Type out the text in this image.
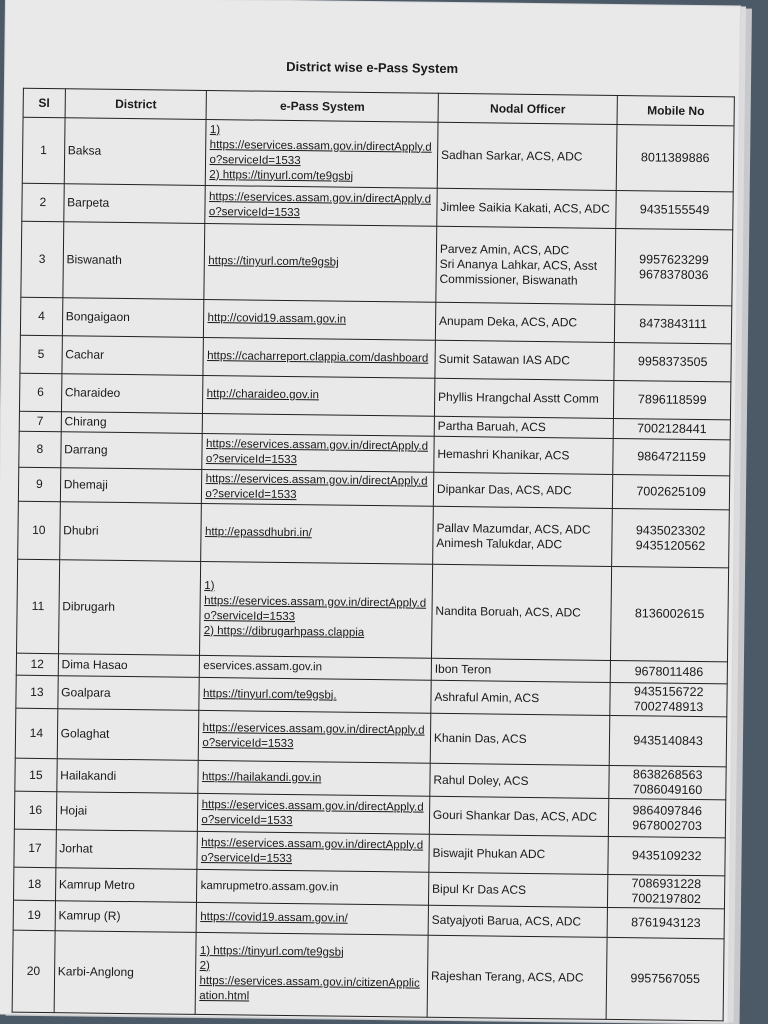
District wise e-Pass System
Sl	District	e-Pass System	Nodal Officer	Mobile No
1	Baksa	1)
https://eservices.assam.gov.in/directApply.do?serviceId=1533
2) https://tinyurl.com/te9gsbj	Sadhan Sarkar, ACS, ADC	8011389886

2	Barpeta	https://eservices.assam.gov.in/directApply.do?serviceId=1533	Jimlee Saikia Kakati, ACS, ADC	9435155549

3	Biswanath	https://tinyurl.com/te9gsbj	Parvez Amin, ACS, ADC
Sri Ananya Lahkar, ACS, Asst Commissioner, Biswanath	9957623299
9678378036

4	Bongaigaon	http://covid19.assam.gov.in	Anupam Deka, ACS, ADC	8473843111

5	Cachar	https://cacharreport.clappia.com/dashboard	Sumit Satawan IAS ADC	9958373505

6	Charaideo	http://charaideo.gov.in	Phyllis Hrangchal Asstt Comm	7896118599

7	Chirang		Partha Baruah, ACS	7002128441

8	Darrang	https://eservices.assam.gov.in/directApply.do?serviceId=1533	Hemashri Khanikar, ACS	9864721159

9	Dhemaji	https://eservices.assam.gov.in/directApply.do?serviceId=1533	Dipankar Das, ACS, ADC	7002625109

10	Dhubri	http://epassdhubri.in/	Pallav Mazumdar, ACS, ADC
Animesh Talukdar, ADC	9435023302
9435120562

11	Dibrugarh	1)
https://eservices.assam.gov.in/directApply.do?serviceId=1533
2) https://dibrugarhpass.clappia	Nandita Boruah, ACS, ADC	8136002615

12	Dima Hasao	eservices.assam.gov.in	Ibon Teron	9678011486

13	Goalpara	https://tinyurl.com/te9gsbj.	Ashraful Amin, ACS	9435156722
7002748913

14	Golaghat	https://eservices.assam.gov.in/directApply.do?serviceId=1533	Khanin Das, ACS	9435140843

15	Hailakandi	https://hailakandi.gov.in	Rahul Doley, ACS	8638268563
7086049160

16	Hojai	https://eservices.assam.gov.in/directApply.do?serviceId=1533	Gouri Shankar Das, ACS, ADC	9864097846
9678002703

17	Jorhat	https://eservices.assam.gov.in/directApply.do?serviceId=1533	Biswajit Phukan ADC	9435109232

18	Kamrup Metro	kamrupmetro.assam.gov.in	Bipul Kr Das ACS	7086931228
7002197802

19	Kamrup (R)	https://covid19.assam.gov.in/	Satyajyoti Barua, ACS, ADC	8761943123

20	Karbi-Anglong	1) https://tinyurl.com/te9gsbj
2)
https://eservices.assam.gov.in/citizenApplication.html	Rajeshan Terang, ACS, ADC	9957567055
